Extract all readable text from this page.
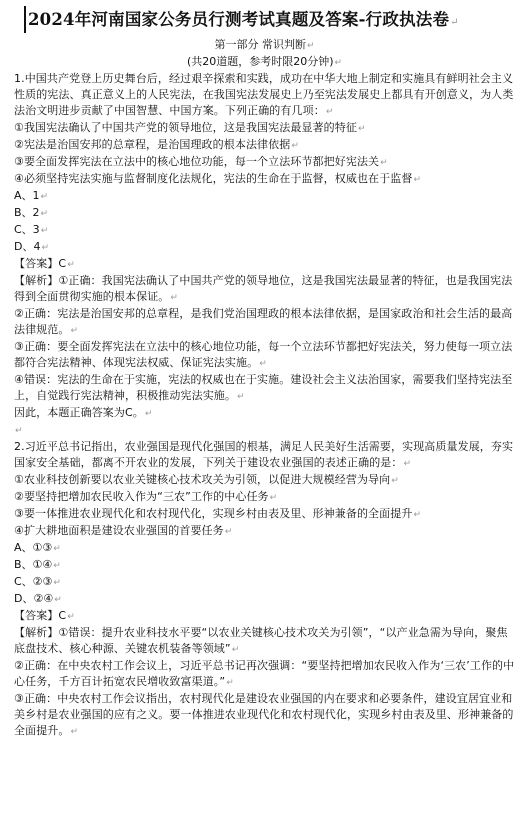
2024年河南国家公务员行测考试真题及答案-行政执法卷↵
第一部分 常识判断↵
(共20道题，参考时限20分钟)↵

1.中国共产党登上历史舞台后，经过艰辛探索和实践，成功在中华大地上制定和实施具有鲜明社会主义性质的宪法、真正意义上的人民宪法，在我国宪法发展史上乃至宪法发展史上都具有开创意义，为人类法治文明进步贡献了中国智慧、中国方案。下列正确的有几项：↵

①我国宪法确认了中国共产党的领导地位，这是我国宪法最显著的特征↵

②宪法是治国安邦的总章程，是治国理政的根本法律依据↵

③要全面发挥宪法在立法中的核心地位功能，每一个立法环节都把好宪法关↵

④必须坚持宪法实施与监督制度化法规化，宪法的生命在于监督，权威也在于监督↵

A、1↵

B、2↵

C、3↵

D、4↵

【答案】C↵

【解析】①正确：我国宪法确认了中国共产党的领导地位，这是我国宪法最显著的特征，也是我国宪法得到全面贯彻实施的根本保证。↵

②正确：宪法是治国安邦的总章程，是我们党治国理政的根本法律依据，是国家政治和社会生活的最高法律规范。↵

③正确：要全面发挥宪法在立法中的核心地位功能，每一个立法环节都把好宪法关，努力使每一项立法都符合宪法精神、体现宪法权威、保证宪法实施。↵

④错误：宪法的生命在于实施，宪法的权威也在于实施。建设社会主义法治国家，需要我们坚持宪法至上，自觉践行宪法精神，积极推动宪法实施。↵

因此，本题正确答案为C。↵

↵

2.习近平总书记指出，农业强国是现代化强国的根基，满足人民美好生活需要，实现高质量发展，夯实国家安全基础，都离不开农业的发展，下列关于建设农业强国的表述正确的是：↵

①农业科技创新要以农业关键核心技术攻关为引领，以促进大规模经营为导向↵

②要坚持把增加农民收入作为“三农”工作的中心任务↵

③要一体推进农业现代化和农村现代化，实现乡村由表及里、形神兼备的全面提升↵

④扩大耕地面积是建设农业强国的首要任务↵

A、①③↵

B、①④↵

C、②③↵

D、②④↵

【答案】C↵

【解析】①错误：提升农业科技水平要“以农业关键核心技术攻关为引领”，“以产业急需为导向，聚焦底盘技术、核心种源、关键农机装备等领域”↵

②正确：在中央农村工作会议上，习近平总书记再次强调：“要坚持把增加农民收入作为‘三农’工作的中心任务，千方百计拓宽农民增收致富渠道。”↵

③正确：中央农村工作会议指出，农村现代化是建设农业强国的内在要求和必要条件，建设宜居宜业和美乡村是农业强国的应有之义。要一体推进农业现代化和农村现代化，实现乡村由表及里、形神兼备的全面提升。↵
